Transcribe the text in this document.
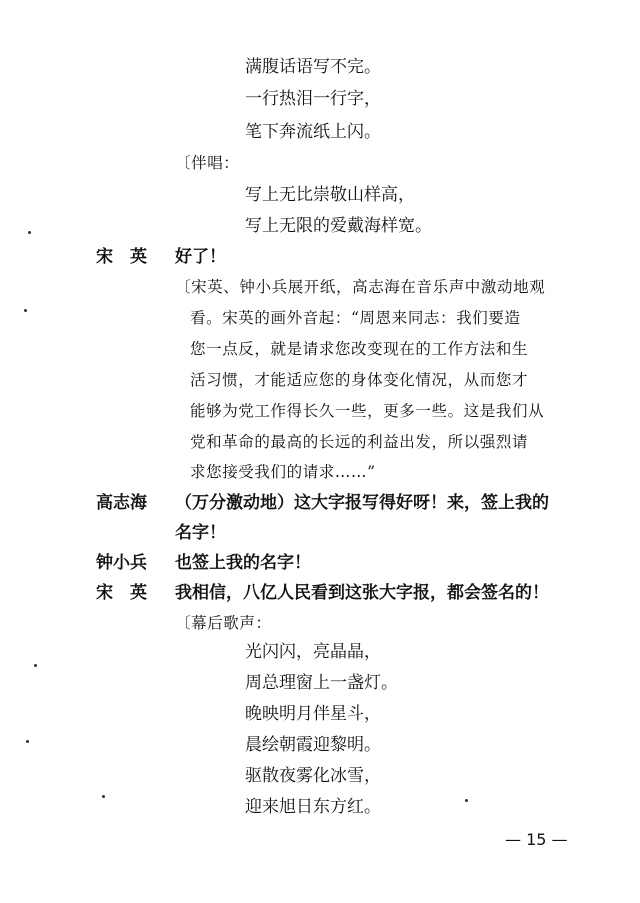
满腹话语写不完。
一行热泪一行字，
笔下奔流纸上闪。
〔伴唱：
写上无比崇敬山样高，
写上无限的爱戴海样宽。
宋英 好了！
〔宋英、钟小兵展开纸，高志海在音乐声中激动地观
看。宋英的画外音起：“周恩来同志：我们要造
您一点反，就是请求您改变现在的工作方法和生
活习惯，才能适应您的身体变化情况，从而您才
能够为党工作得长久一些，更多一些。这是我们从
党和革命的最高的长远的利益出发，所以强烈请
求您接受我们的请求……”
高志海 （万分激动地）这大字报写得好呀！来，签上我的
名字！
钟小兵 也签上我的名字！
宋英 我相信，八亿人民看到这张大字报，都会签名的！
〔幕后歌声：
光闪闪，亮晶晶，
周总理窗上一盏灯。
晚映明月伴星斗，
晨绘朝霞迎黎明。
驱散夜雾化冰雪，
迎来旭日东方红。
— 15 —
